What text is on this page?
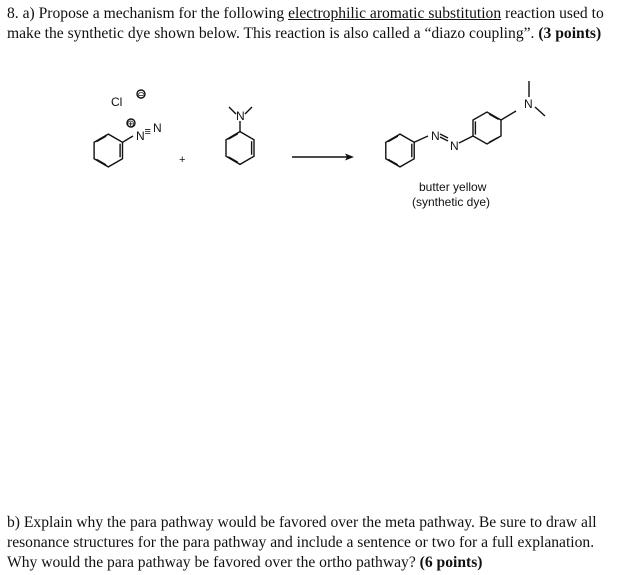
8. a) Propose a mechanism for the following electrophilic aromatic substitution reaction used to make the synthetic dye shown below. This reaction is also called a “diazo coupling”. (3 points)
Cl ⊖
⊕
N ≡ N
+
N
N
N
N
butter yellow
(synthetic dye)
b) Explain why the para pathway would be favored over the meta pathway. Be sure to draw all resonance structures for the para pathway and include a sentence or two for a full explanation. Why would the para pathway be favored over the ortho pathway? (6 points)
